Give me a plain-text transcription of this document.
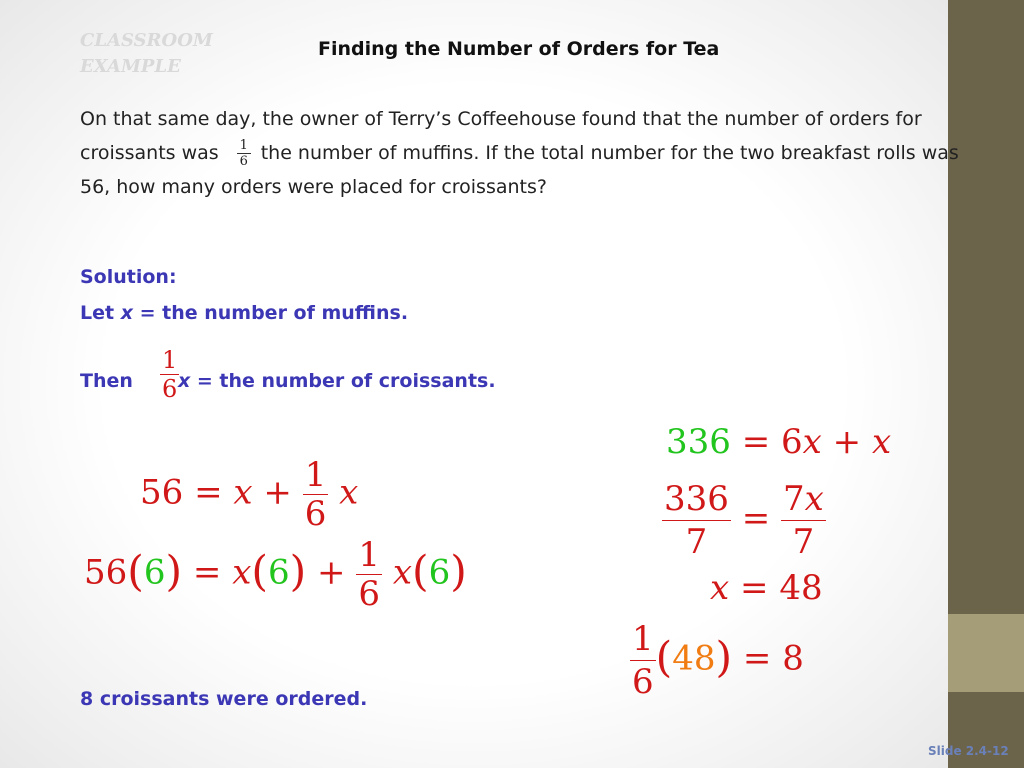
CLASSROOM
EXAMPLE
Finding the Number of Orders for Tea
On that same day, the owner of Terry’s Coffeehouse found that the number of orders for croissants was $\frac{1}{6}$ the number of muffins. If the total number for the two breakfast rolls was 56, how many orders were placed for croissants?
Solution:
Let x = the number of muffins.
Then $\frac{1}{6}$
x = the number of croissants.
$56 = x + \frac{1}{6}$ x
$56(6) = x(6) + \frac{1}{6} x(6)$
336 = 6x + x
$\frac{336}{7} = \frac{7x}{7}$
x = 48
$\frac{1}{6} (48) = 8$
8 croissants were ordered.
Slide 2.4-12
